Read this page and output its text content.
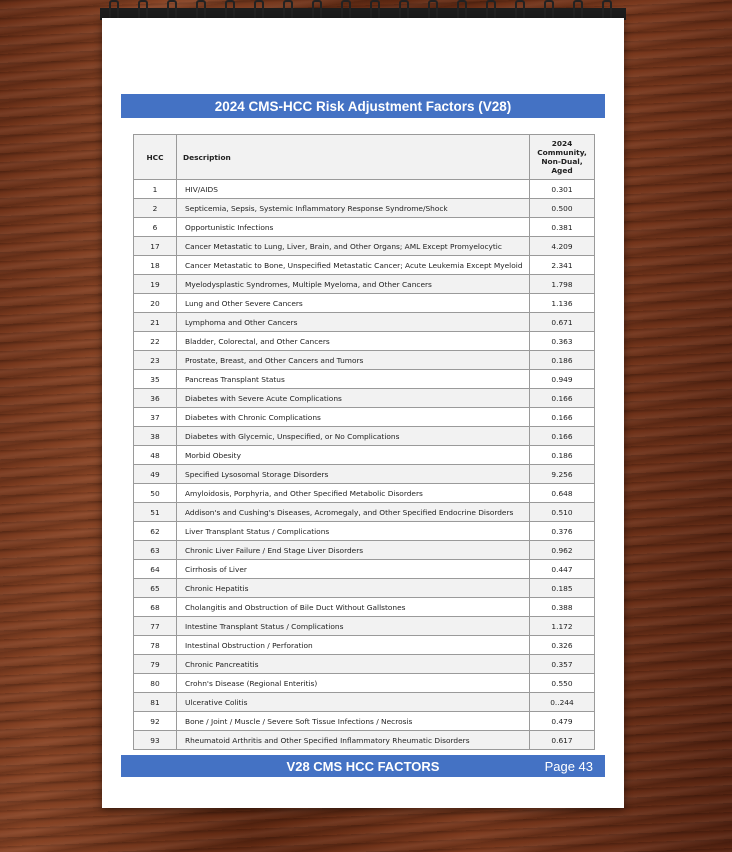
2024 CMS-HCC Risk Adjustment Factors (V28)
HCC	Description	2024
Community,
Non-Dual,
Aged

1	HIV/AIDS	0.301
2	Septicemia, Sepsis, Systemic Inflammatory Response Syndrome/Shock	0.500
6	Opportunistic Infections	0.381
17	Cancer Metastatic to Lung, Liver, Brain, and Other Organs; AML Except Promyelocytic	4.209
18	Cancer Metastatic to Bone, Unspecified Metastatic Cancer; Acute Leukemia Except Myeloid	2.341
19	Myelodysplastic Syndromes, Multiple Myeloma, and Other Cancers	1.798
20	Lung and Other Severe Cancers	1.136
21	Lymphoma and Other Cancers	0.671
22	Bladder, Colorectal, and Other Cancers	0.363
23	Prostate, Breast, and Other Cancers and Tumors	0.186
35	Pancreas Transplant Status	0.949
36	Diabetes with Severe Acute Complications	0.166
37	Diabetes with Chronic Complications	0.166
38	Diabetes with Glycemic, Unspecified, or No Complications	0.166
48	Morbid Obesity	0.186
49	Specified Lysosomal Storage Disorders	9.256
50	Amyloidosis, Porphyria, and Other Specified Metabolic Disorders	0.648
51	Addison's and Cushing's Diseases, Acromegaly, and Other Specified Endocrine Disorders	0.510
62	Liver Transplant Status / Complications	0.376
63	Chronic Liver Failure / End Stage Liver Disorders	0.962
64	Cirrhosis of Liver	0.447
65	Chronic Hepatitis	0.185
68	Cholangitis and Obstruction of Bile Duct Without Gallstones	0.388
77	Intestine Transplant Status / Complications	1.172
78	Intestinal Obstruction / Perforation	0.326
79	Chronic Pancreatitis	0.357
80	Crohn's Disease (Regional Enteritis)	0.550
81	Ulcerative Colitis	0..244
92	Bone / Joint / Muscle / Severe Soft Tissue Infections / Necrosis	0.479
93	Rheumatoid Arthritis and Other Specified Inflammatory Rheumatic Disorders	0.617
V28 CMS HCC FACTORS	Page 43
